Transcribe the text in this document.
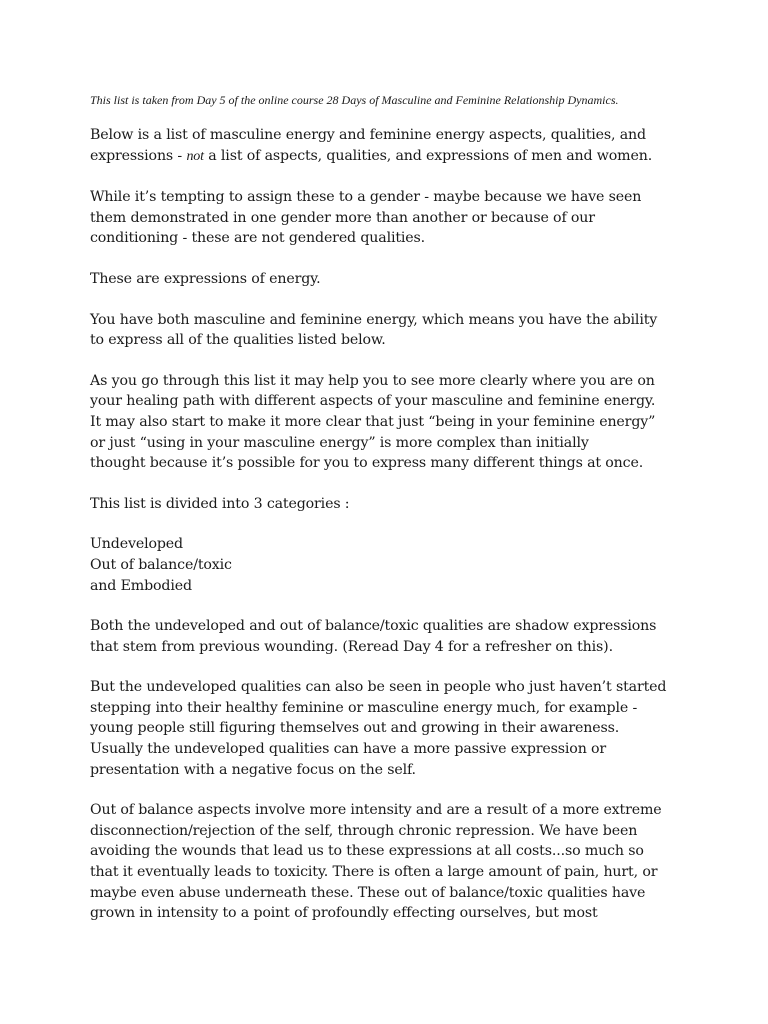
This list is taken from Day 5 of the online course 28 Days of Masculine and Feminine Relationship Dynamics.

Below is a list of masculine energy and feminine energy aspects, qualities, and
expressions - not a list of aspects, qualities, and expressions of men and women.

While it’s tempting to assign these to a gender - maybe because we have seen
them demonstrated in one gender more than another or because of our
conditioning - these are not gendered qualities.

These are expressions of energy.

You have both masculine and feminine energy, which means you have the ability
to express all of the qualities listed below.

As you go through this list it may help you to see more clearly where you are on
your healing path with different aspects of your masculine and feminine energy.
It may also start to make it more clear that just “being in your feminine energy”
or just “using in your masculine energy” is more complex than initially
thought because it’s possible for you to express many different things at once.

This list is divided into 3 categories :

Undeveloped
Out of balance/toxic
and Embodied

Both the undeveloped and out of balance/toxic qualities are shadow expressions
that stem from previous wounding. (Reread Day 4 for a refresher on this).

But the undeveloped qualities can also be seen in people who just haven’t started
stepping into their healthy feminine or masculine energy much, for example -
young people still figuring themselves out and growing in their awareness.
Usually the undeveloped qualities can have a more passive expression or
presentation with a negative focus on the self.

Out of balance aspects involve more intensity and are a result of a more extreme
disconnection/rejection of the self, through chronic repression. We have been
avoiding the wounds that lead us to these expressions at all costs...so much so
that it eventually leads to toxicity. There is often a large amount of pain, hurt, or
maybe even abuse underneath these. These out of balance/toxic qualities have
grown in intensity to a point of profoundly effecting ourselves, but most
